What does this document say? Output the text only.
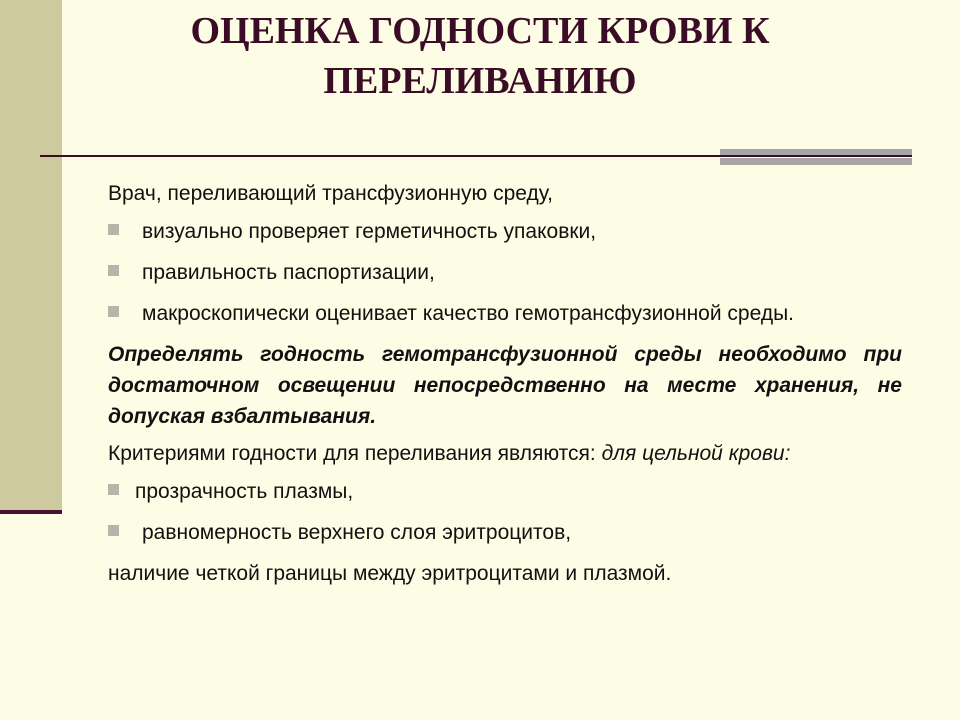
ОЦЕНКА ГОДНОСТИ КРОВИ К ПЕРЕЛИВАНИЮ

Врач, переливающий трансфузионную среду,

визуально проверяет герметичность упаковки,
правильность паспортизации,
макроскопически оценивает качество гемотрансфузионной среды.

Определять годность гемотрансфузионной среды необходимо при достаточном освещении непосредственно на месте хранения, не допуская взбалтывания.

Критериями годности для переливания являются: для цельной крови:

прозрачность плазмы,
равномерность верхнего слоя эритроцитов,

наличие четкой границы между эритроцитами и плазмой.
